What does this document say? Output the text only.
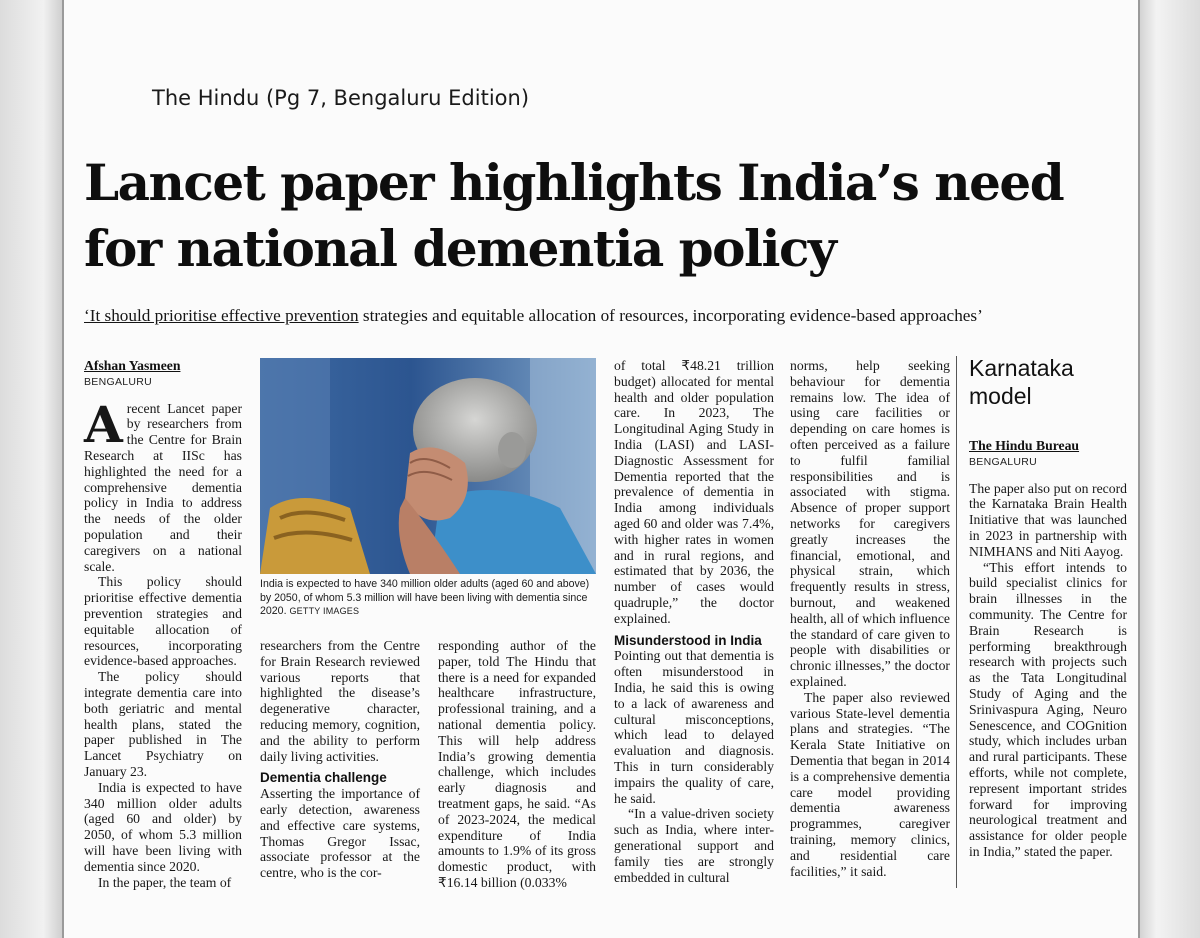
The Hindu (Pg 7, Bengaluru Edition)
Lancet paper highlights India’s need for national dementia policy
‘It should prioritise effective prevention strategies and equitable allocation of resources, incorporating evidence-based approaches’
Afshan Yasmeen
BENGALURU

Arecent Lancet paper by researchers from the Centre for Brain Research at IISc has highlighted the need for a comprehensive dementia policy in India to address the needs of the older population and their caregivers on a national scale.

This policy should prioritise effective dementia prevention strategies and equitable allocation of resources, incorporating evidence-based approaches.

The policy should integrate dementia care into both geriatric and mental health plans, stated the paper published in The Lancet Psychiatry on January 23.

India is expected to have 340 million older adults (aged 60 and older) by 2050, of whom 5.3 million will have been living with dementia since 2020.

In the paper, the team of

India is expected to have 340 million older adults (aged 60 and above) by 2050, of whom 5.3 million will have been living with dementia since 2020. GETTY IMAGES

researchers from the Centre for Brain Research reviewed various reports that highlighted the disease’s degenerative character, reducing memory, cognition, and the ability to perform daily living activities.

Dementia challenge

Asserting the importance of early detection, awareness and effective care systems, Thomas Gregor Issac, associate professor at the centre, who is the cor-

responding author of the paper, told The Hindu that there is a need for expanded healthcare infrastructure, professional training, and a national dementia policy. This will help address India’s growing dementia challenge, which includes early diagnosis and treatment gaps, he said. “As of 2023-2024, the medical expenditure of India amounts to 1.9% of its gross domestic product, with ₹16.14 billion (0.033%

of total ₹48.21 trillion budget) allocated for mental health and older population care. In 2023, The Longitudinal Aging Study in India (LASI) and LASI-Diagnostic Assessment for Dementia reported that the prevalence of dementia in India among individuals aged 60 and older was 7.4%, with higher rates in women and in rural regions, and estimated that by 2036, the number of cases would quadruple,” the doctor explained.

Misunderstood in India

Pointing out that dementia is often misunderstood in India, he said this is owing to a lack of awareness and cultural misconceptions, which lead to delayed evaluation and diagnosis. This in turn considerably impairs the quality of care, he said.

“In a value-driven society such as India, where inter-generational support and family ties are strongly embedded in cultural

norms, help seeking behaviour for dementia remains low. The idea of using care facilities or depending on care homes is often perceived as a failure to fulfil familial responsibilities and is associated with stigma. Absence of proper support networks for caregivers greatly increases the financial, emotional, and physical strain, which frequently results in stress, burnout, and weakened health, all of which influence the standard of care given to people with disabilities or chronic illnesses,” the doctor explained.

The paper also reviewed various State-level dementia plans and strategies. “The Kerala State Initiative on Dementia that began in 2014 is a comprehensive dementia care model providing dementia awareness programmes, caregiver training, memory clinics, and residential care facilities,” it said.

Karnataka model
The Hindu Bureau
BENGALURU

The paper also put on record the Karnataka Brain Health Initiative that was launched in 2023 in partnership with NIMHANS and Niti Aayog.

“This effort intends to build specialist clinics for brain illnesses in the community. The Centre for Brain Research is performing breakthrough research with projects such as the Tata Longitudinal Study of Aging and the Srinivaspura Aging, Neuro Senescence, and COGnition study, which includes urban and rural participants. These efforts, while not complete, represent important strides forward for improving neurological treatment and assistance for older people in India,” stated the paper.
